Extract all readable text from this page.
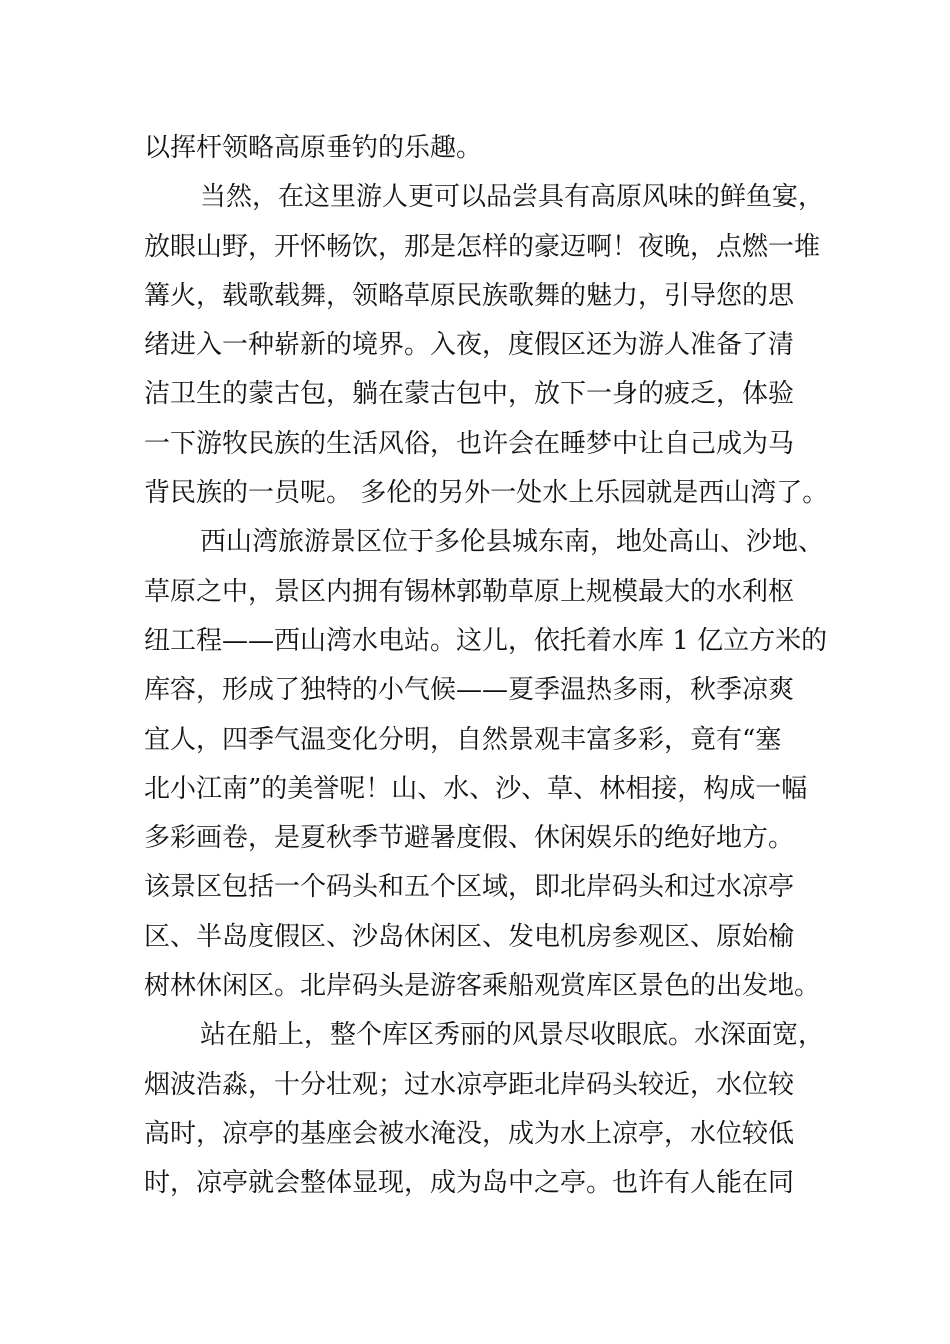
以挥杆领略高原垂钓的乐趣。
当然，在这里游人更可以品尝具有高原风味的鲜鱼宴，
放眼山野，开怀畅饮，那是怎样的豪迈啊！夜晚，点燃一堆
篝火，载歌载舞，领略草原民族歌舞的魅力，引导您的思
绪进入一种崭新的境界。入夜，度假区还为游人准备了清
洁卫生的蒙古包，躺在蒙古包中，放下一身的疲乏，体验
一下游牧民族的生活风俗，也许会在睡梦中让自己成为马
背民族的一员呢。 多伦的另外一处水上乐园就是西山湾了。
西山湾旅游景区位于多伦县城东南，地处高山、沙地、
草原之中，景区内拥有锡林郭勒草原上规模最大的水利枢
纽工程——西山湾水电站。这儿，依托着水库 1 亿立方米的
库容，形成了独特的小气候——夏季温热多雨，秋季凉爽
宜人，四季气温变化分明，自然景观丰富多彩，竟有“塞
北小江南”的美誉呢！山、水、沙、草、林相接，构成一幅
多彩画卷，是夏秋季节避暑度假、休闲娱乐的绝好地方。
该景区包括一个码头和五个区域，即北岸码头和过水凉亭
区、半岛度假区、沙岛休闲区、发电机房参观区、原始榆
树林休闲区。北岸码头是游客乘船观赏库区景色的出发地。
站在船上，整个库区秀丽的风景尽收眼底。水深面宽，
烟波浩淼，十分壮观；过水凉亭距北岸码头较近，水位较
高时，凉亭的基座会被水淹没，成为水上凉亭，水位较低
时，凉亭就会整体显现，成为岛中之亭。也许有人能在同
